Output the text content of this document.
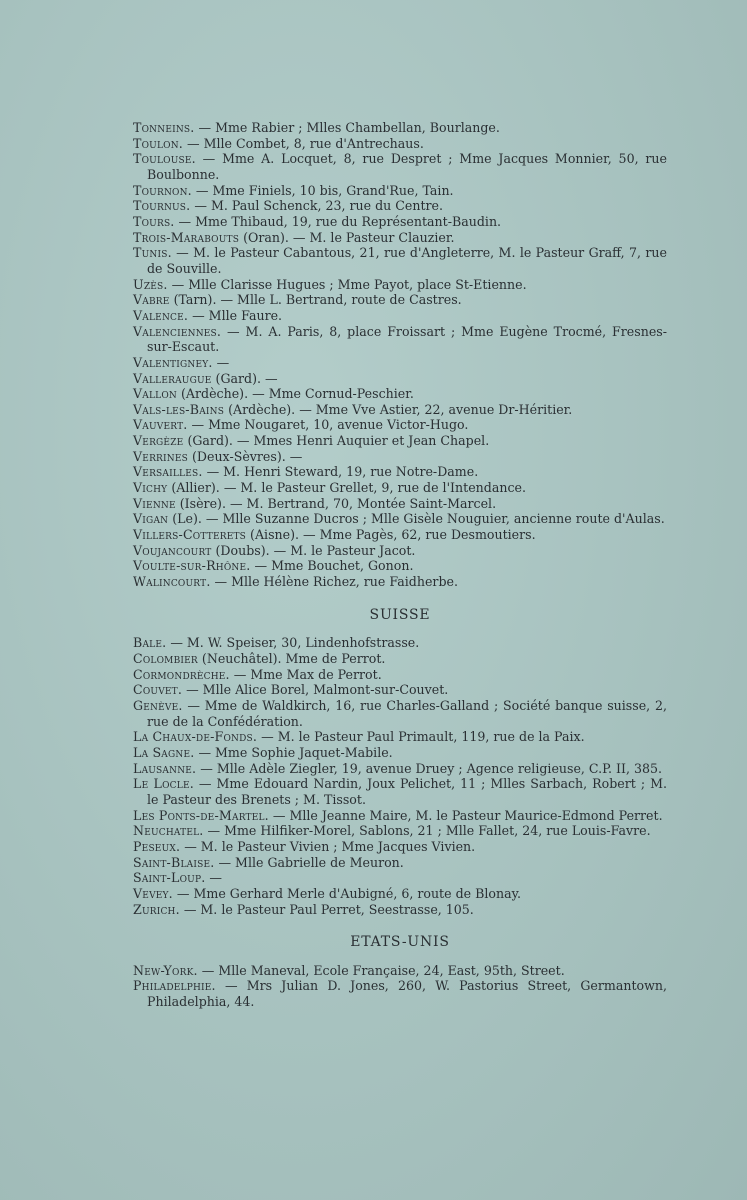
Tonneins. — Mme Rabier ; Mlles Chambellan, Bourlange.
Toulon. — Mlle Combet, 8, rue d'Antrechaus.
Toulouse. — Mme A. Locquet, 8, rue Despret ; Mme Jacques Monnier, 50, rue Boulbonne.
Tournon. — Mme Finiels, 10 bis, Grand'Rue, Tain.
Tournus. — M. Paul Schenck, 23, rue du Centre.
Tours. — Mme Thibaud, 19, rue du Représentant-Baudin.
Trois-Marabouts (Oran). — M. le Pasteur Clauzier.
Tunis. — M. le Pasteur Cabantous, 21, rue d'Angleterre, M. le Pasteur Graff, 7, rue de Souville.
Uzès. — Mlle Clarisse Hugues ; Mme Payot, place St-Etienne.
Vabre (Tarn). — Mlle L. Bertrand, route de Castres.
Valence. — Mlle Faure.
Valenciennes. — M. A. Paris, 8, place Froissart ; Mme Eugène Trocmé, Fresnes-sur-Escaut.
Valentigney. —
Valleraugue (Gard). —
Vallon (Ardèche). — Mme Cornud-Peschier.
Vals-les-Bains (Ardèche). — Mme Vve Astier, 22, avenue Dr-Héritier.
Vauvert. — Mme Nougaret, 10, avenue Victor-Hugo.
Vergèze (Gard). — Mmes Henri Auquier et Jean Chapel.
Verrines (Deux-Sèvres). —
Versailles. — M. Henri Steward, 19, rue Notre-Dame.
Vichy (Allier). — M. le Pasteur Grellet, 9, rue de l'Intendance.
Vienne (Isère). — M. Bertrand, 70, Montée Saint-Marcel.
Vigan (Le). — Mlle Suzanne Ducros ; Mlle Gisèle Nouguier, ancienne route d'Aulas.
Villers-Cotterets (Aisne). — Mme Pagès, 62, rue Desmoutiers.
Voujancourt (Doubs). — M. le Pasteur Jacot.
Voulte-sur-Rhône. — Mme Bouchet, Gonon.
Walincourt. — Mlle Hélène Richez, rue Faidherbe.
SUISSE
Bale. — M. W. Speiser, 30, Lindenhofstrasse.
Colombier (Neuchâtel). Mme de Perrot.
Cormondrèche. — Mme Max de Perrot.
Couvet. — Mlle Alice Borel, Malmont-sur-Couvet.
Genève. — Mme de Waldkirch, 16, rue Charles-Galland ; Société banque suisse, 2, rue de la Confédération.
La Chaux-de-Fonds. — M. le Pasteur Paul Primault, 119, rue de la Paix.
La Sagne. — Mme Sophie Jaquet-Mabile.
Lausanne. — Mlle Adèle Ziegler, 19, avenue Druey ; Agence religieuse, C.P. II, 385.
Le Locle. — Mme Edouard Nardin, Joux Pelichet, 11 ; Mlles Sarbach, Robert ; M. le Pasteur des Brenets ; M. Tissot.
Les Ponts-de-Martel. — Mlle Jeanne Maire, M. le Pasteur Maurice-Edmond Perret.
Neuchatel. — Mme Hilfiker-Morel, Sablons, 21 ; Mlle Fallet, 24, rue Louis-Favre.
Peseux. — M. le Pasteur Vivien ; Mme Jacques Vivien.
Saint-Blaise. — Mlle Gabrielle de Meuron.
Saint-Loup. —
Vevey. — Mme Gerhard Merle d'Aubigné, 6, route de Blonay.
Zurich. — M. le Pasteur Paul Perret, Seestrasse, 105.
ETATS-UNIS
New-York. — Mlle Maneval, Ecole Française, 24, East, 95th, Street.
Philadelphie. — Mrs Julian D. Jones, 260, W. Pastorius Street, Germantown, Philadelphia, 44.
